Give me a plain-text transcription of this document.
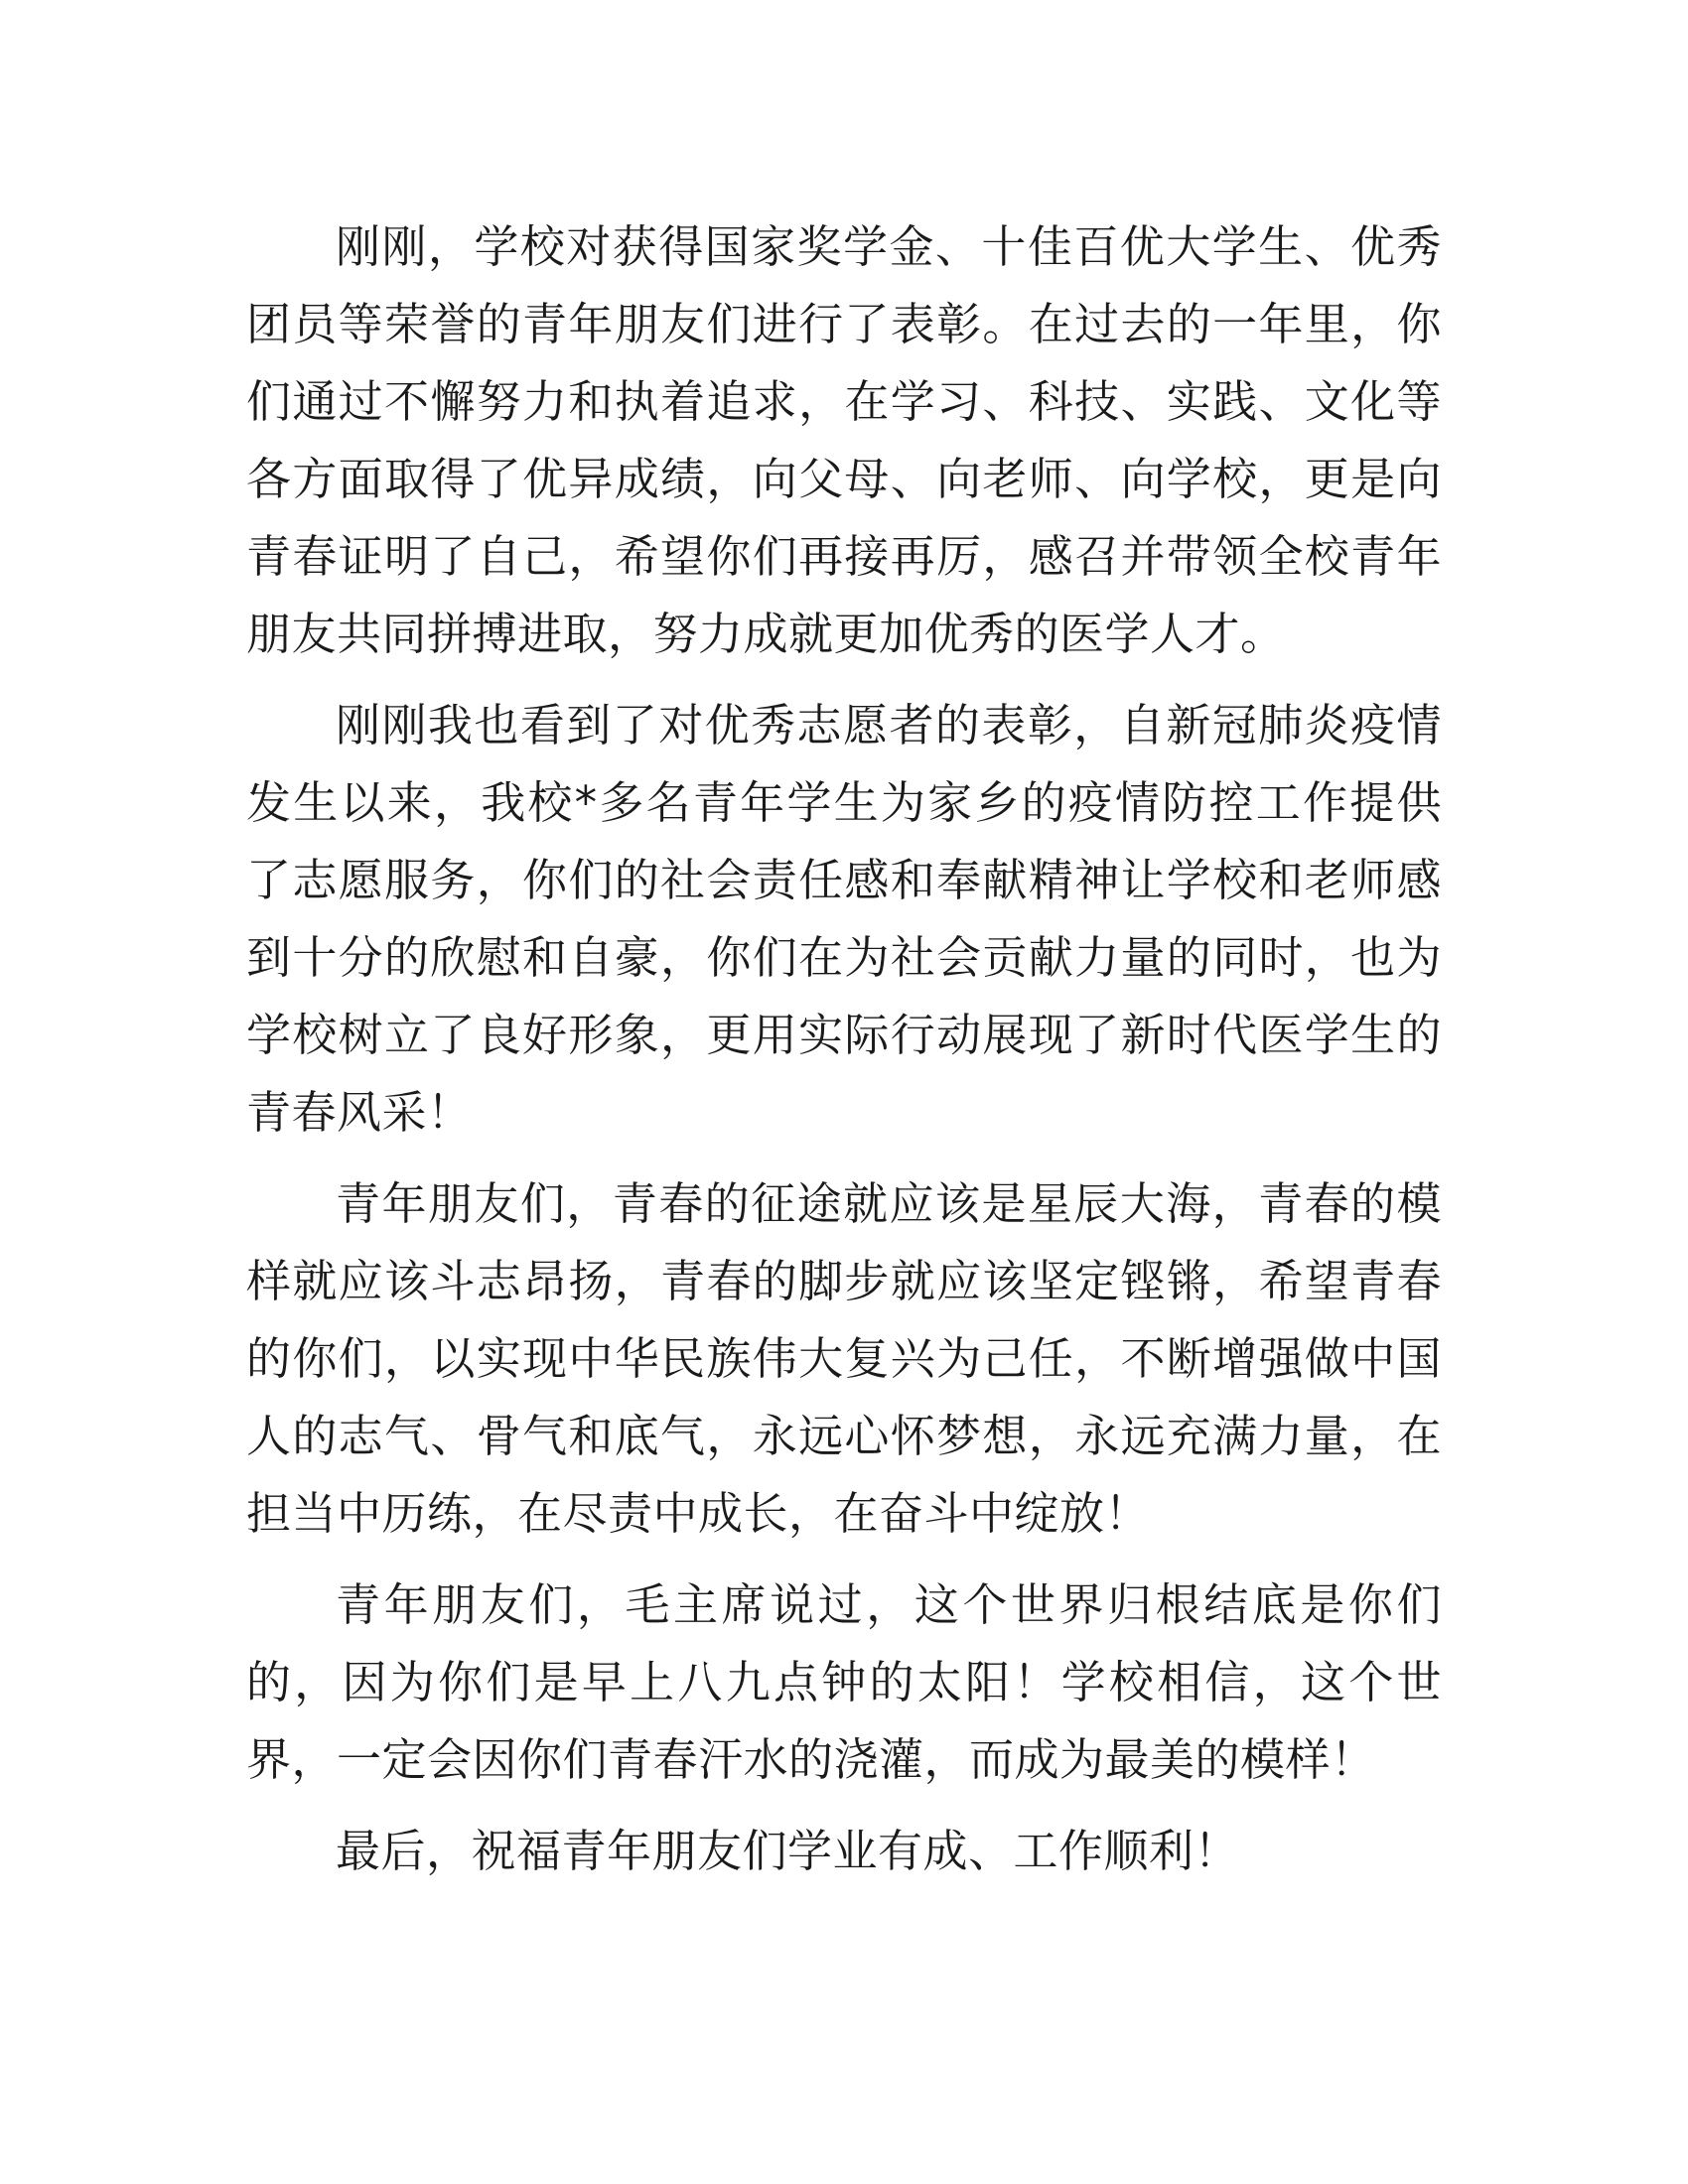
刚刚，学校对获得国家奖学金、十佳百优大学生、优秀团员等荣誉的青年朋友们进行了表彰。在过去的一年里，你们通过不懈努力和执着追求，在学习、科技、实践、文化等各方面取得了优异成绩，向父母、向老师、向学校，更是向青春证明了自己，希望你们再接再厉，感召并带领全校青年朋友共同拼搏进取，努力成就更加优秀的医学人才。

刚刚我也看到了对优秀志愿者的表彰，自新冠肺炎疫情发生以来，我校*多名青年学生为家乡的疫情防控工作提供了志愿服务，你们的社会责任感和奉献精神让学校和老师感到十分的欣慰和自豪，你们在为社会贡献力量的同时，也为学校树立了良好形象，更用实际行动展现了新时代医学生的青春风采！

青年朋友们，青春的征途就应该是星辰大海，青春的模样就应该斗志昂扬，青春的脚步就应该坚定铿锵，希望青春的你们，以实现中华民族伟大复兴为己任，不断增强做中国人的志气、骨气和底气，永远心怀梦想，永远充满力量，在担当中历练，在尽责中成长，在奋斗中绽放！

青年朋友们，毛主席说过，这个世界归根结底是你们的，因为你们是早上八九点钟的太阳！学校相信，这个世界，一定会因你们青春汗水的浇灌，而成为最美的模样！

最后，祝福青年朋友们学业有成、工作顺利！
